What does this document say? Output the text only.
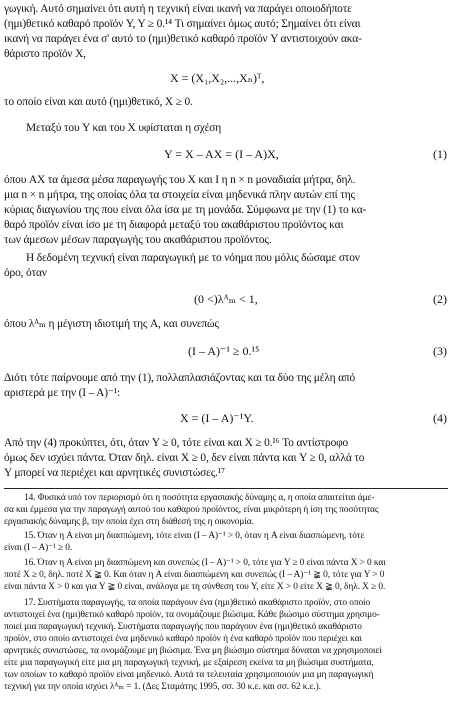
γωγική. Αυτό σημαίνει ότι αυτή η τεχνική είναι ικανή να παράγει οποιοδήποτε
(ημι)θετικό καθαρό προϊόν Y, Y ≥ 0.¹⁴ Τι σημαίνει όμως αυτό; Σημαίνει ότι είναι
ικανή να παράγει ένα σ' αυτό το (ημι)θετικό καθαρό προϊόν Y αντιστοιχούν ακα-
θάριστο προϊόν X,
X = (X₁,X₂,...,Xₙ)ᵀ,
το οποίο είναι και αυτό (ημι)θετικό, X ≥ 0.
Μεταξύ του Y και του X υφίσταται η σχέση
Y = X – AX = (I – A)X,	(1)
όπου AX τα άμεσα μέσα παραγωγής του X και I η n × n μοναδιαία μήτρα, δηλ.
μια n × n μήτρα, της οποίας όλα τα στοιχεία είναι μηδενικά πλην αυτών επί της
κύριας διαγωνίου της που είναι όλα ίσα με τη μονάδα. Σύμφωνα με την (1) το κα-
θαρό προϊόν είναι ίσο με τη διαφορά μεταξύ του ακαθάριστου προϊόντος και
των άμεσων μέσων παραγωγής του ακαθάριστου προϊόντος.
Η δεδομένη τεχνική είναι παραγωγική με το νόημα που μόλις δώσαμε στον
όρο, όταν
(0 <)λᴬₘ < 1,	(2)
όπου λᴬₘ η μέγιστη ιδιοτιμή της A, και συνεπώς
(I – A)⁻¹ ≥ 0.¹⁵	(3)
Διότι τότε παίρνουμε από την (1), πολλαπλασιάζοντας και τα δύο της μέλη από
αριστερά με την (I – A)⁻¹:
X = (I – A)⁻¹Y.	(4)
Από την (4) προκύπτει, ότι, όταν Y ≥ 0, τότε είναι και X ≥ 0.¹⁶ Το αντίστροφο
όμως δεν ισχύει πάντα. Όταν δηλ. είναι X ≥ 0, δεν είναι πάντα και Y ≥ 0, αλλά το
Y μπορεί να περιέχει και αρνητικές συνιστώσες.¹⁷
14. Φυσικά υπό τον περιορισμό ότι η ποσότητα εργασιακής δύναμης α, η οποία απαιτείται άμε-
σα και έμμεσα για την παραγωγή αυτού του καθαρού προϊόντος, είναι μικρότερη ή ίση της ποσότητας
εργασιακής δύναμης β, την οποία έχει στη διάθεσή της η οικονομία.
15. Όταν η A είναι μη διασπώμενη, τότε είναι (I – A)⁻¹ > 0, όταν η A είναι διασπώμενη, τότε
είναι (I – A)⁻¹ ≥ 0.
16. Όταν η A είναι μη διασπώμενη και συνεπώς (I – A)⁻¹ > 0, τότε για Y ≥ 0 είναι πάντα X > 0 και
ποτέ X ≥ 0, δηλ. ποτέ X ≩ 0. Και όταν η A είναι διασπώμενη και συνεπώς (I – A)⁻¹ ≩ 0, τότε για Y > 0
είναι πάντα X > 0 και για Y ≩ 0 είναι, ανάλογα με τη σύνθεση του Y, είτε X > 0 είτε X ≩ 0, δηλ. X ≥ 0.
17. Συστήματα παραγωγής, τα οποία παράγουν ένα (ημι)θετικό ακαθάριστο προϊόν, στο οποίο
αντιστοιχεί ένα (ημι)θετικό καθαρό προϊόν, τα ονομάζουμε βιώσιμα. Κάθε βιώσιμο σύστημα χρησιμο-
ποιεί μια παραγωγική τεχνική. Συστήματα παραγωγής που παράγουν ένα (ημι)θετικό ακαθάριστο
προϊόν, στο οποίο αντιστοιχεί ένα μηδενικό καθαρό προϊόν ή ένα καθαρό προϊόν που περιέχει και
αρνητικές συνιστώσες, τα ονομάζουμε μη βιώσιμα. Ένα μη βιώσιμο σύστημα δύναται να χρησιμοποιεί
είτε μια παραγωγική είτε μια μη παραγωγική τεχνική, με εξαίρεση εκείνα τα μη βιώσιμα συστήματα,
των οποίων το καθαρό προϊόν είναι μηδενικό. Αυτά τα τελευταία χρησιμοποιούν μια μη παραγωγική
τεχνική για την οποία ισχύει λᴬₘ = 1. (Δες Σταμάτης 1995, σσ. 30 κ.ε. και σσ. 62 κ.ε.).
